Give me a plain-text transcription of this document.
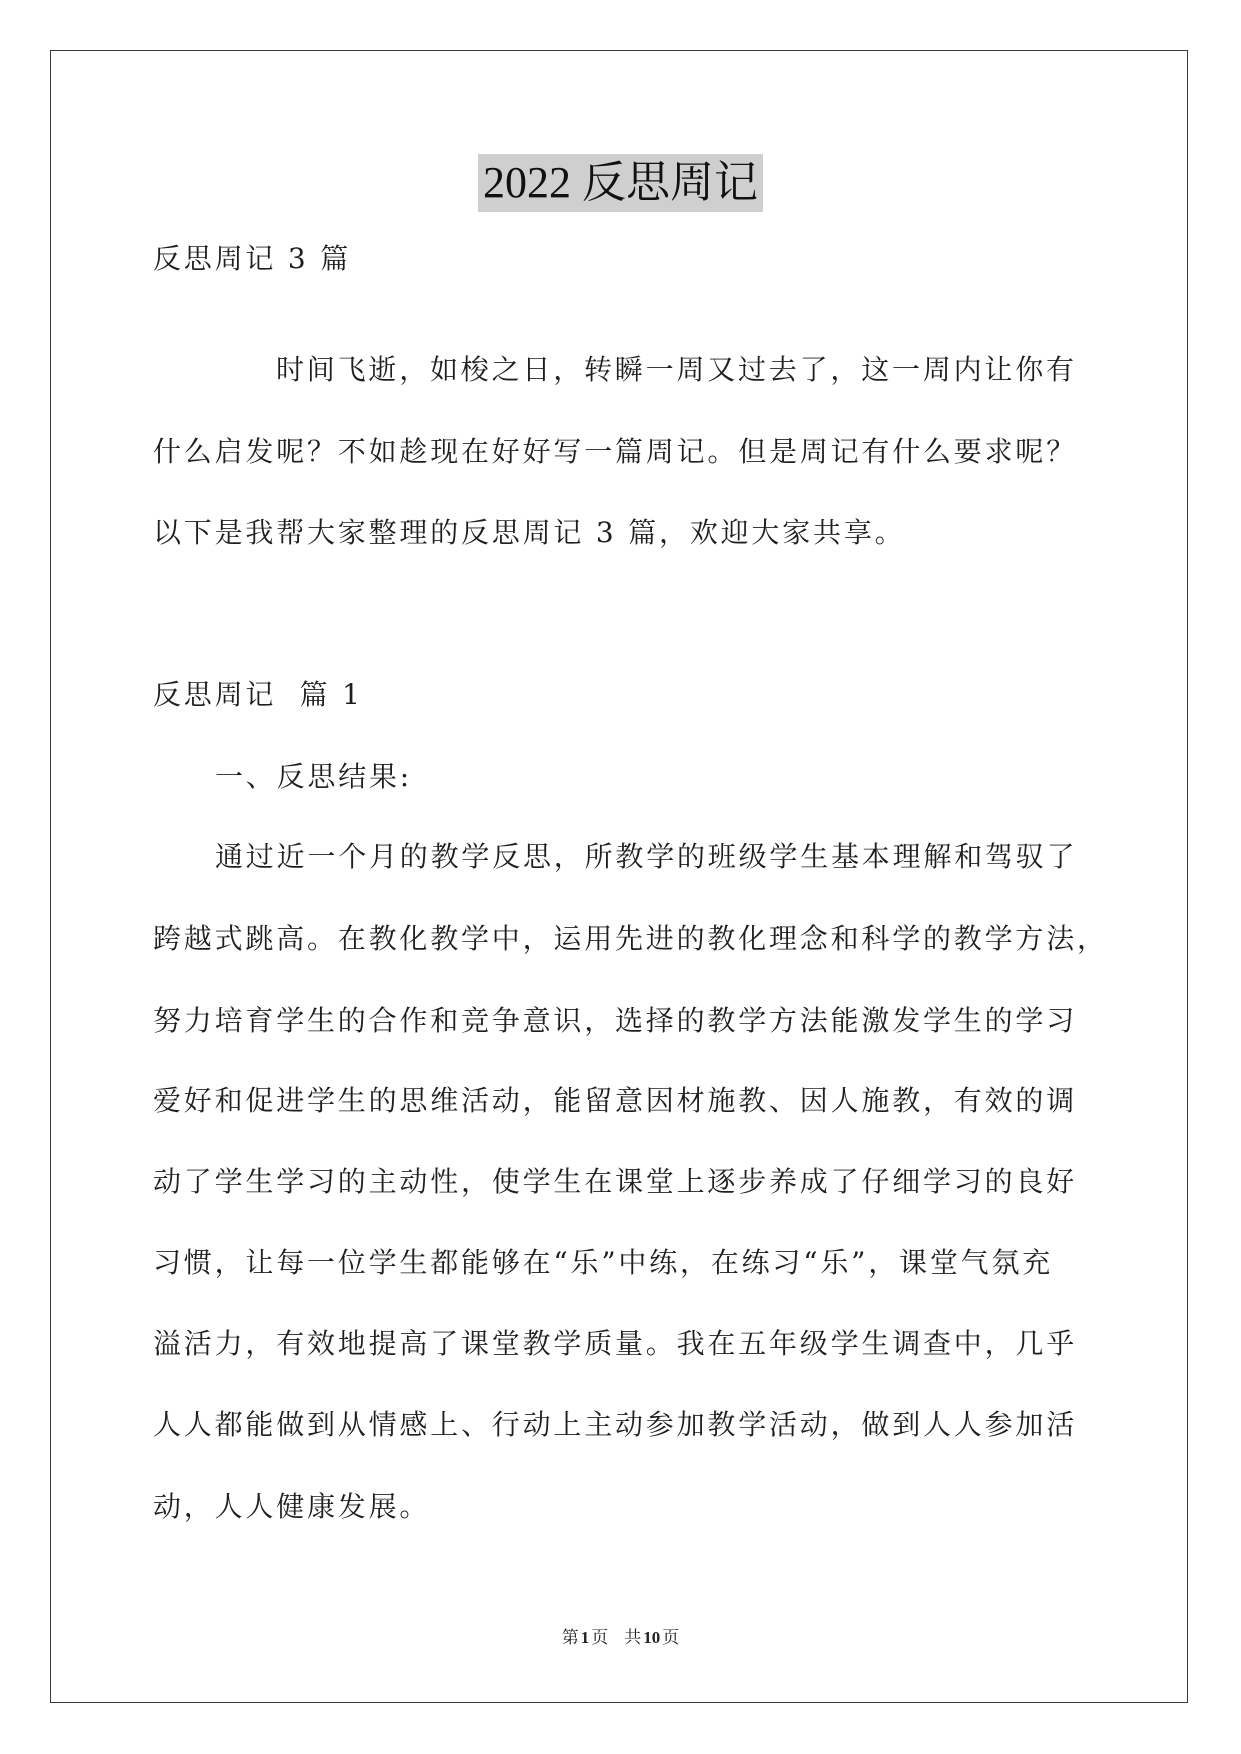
2022 反思周记
反思周记 3 篇
时间飞逝，如梭之日，转瞬一周又过去了，这一周内让你有
什么启发呢？不如趁现在好好写一篇周记。但是周记有什么要求呢？
以下是我帮大家整理的反思周记 3 篇，欢迎大家共享。
反思周记  篇 1
一、反思结果:
通过近一个月的教学反思，所教学的班级学生基本理解和驾驭了
跨越式跳高。在教化教学中，运用先进的教化理念和科学的教学方法，
努力培育学生的合作和竞争意识，选择的教学方法能激发学生的学习
爱好和促进学生的思维活动，能留意因材施教、因人施教，有效的调
动了学生学习的主动性，使学生在课堂上逐步养成了仔细学习的良好
习惯，让每一位学生都能够在“乐”中练，在练习“乐”，课堂气氛充
溢活力，有效地提高了课堂教学质量。我在五年级学生调查中，几乎
人人都能做到从情感上、行动上主动参加教学活动，做到人人参加活
动，人人健康发展。
第 1 页 共 10 页
